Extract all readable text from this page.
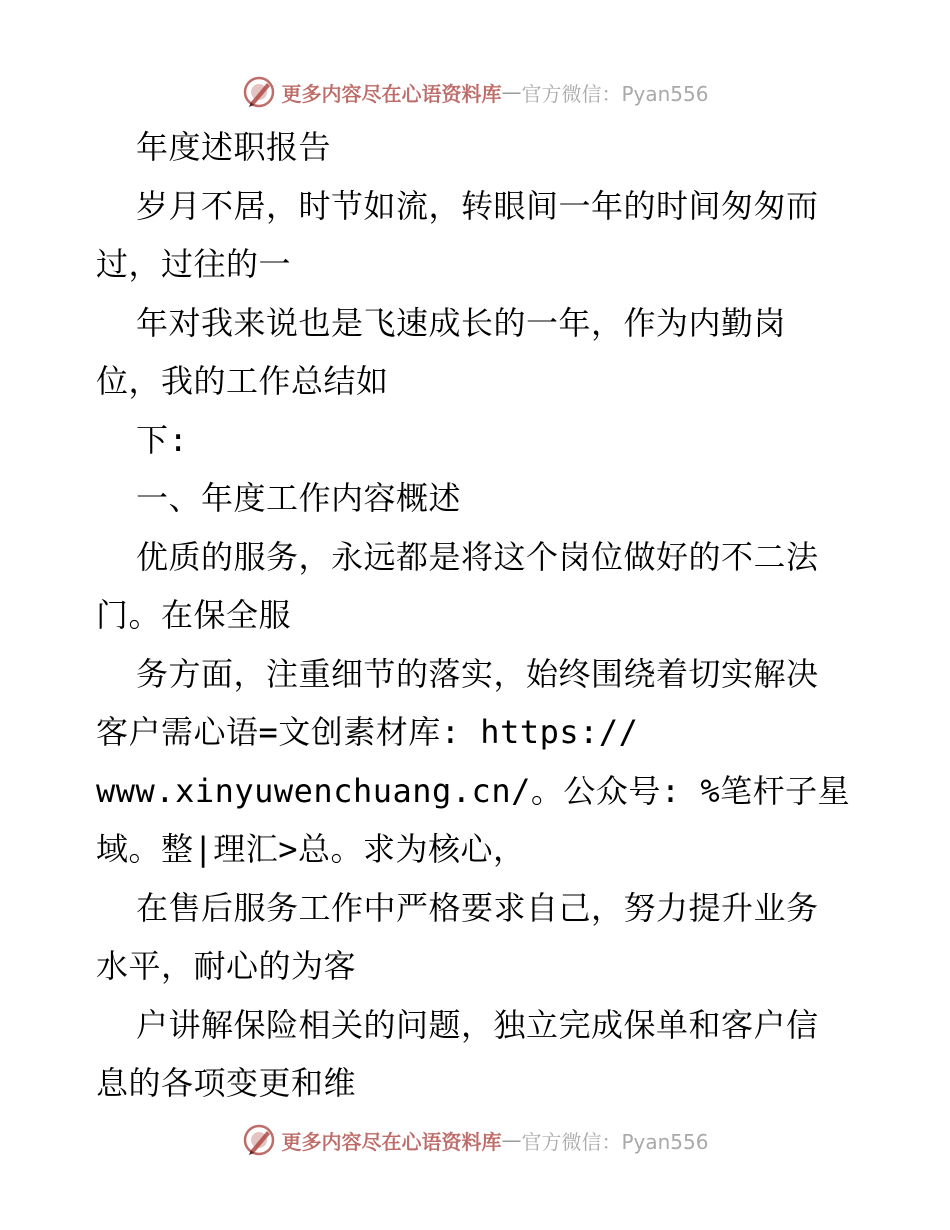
更多内容尽在心语资料库 — 官方微信：Pyan556
年度述职报告
岁月不居，时节如流，转眼间一年的时间匆匆而
过，过往的一
年对我来说也是飞速成长的一年，作为内勤岗
位，我的工作总结如
下:
一、年度工作内容概述
优质的服务，永远都是将这个岗位做好的不二法
门。在保全服
务方面，注重细节的落实，始终围绕着切实解决
客户需心语=文创素材库: https://
www.xinyuwenchuang.cn/。公众号: %笔杆子星
域。整|理汇>总。求为核心，
在售后服务工作中严格要求自己，努力提升业务
水平，耐心的为客
户讲解保险相关的问题，独立完成保单和客户信
息的各项变更和维
更多内容尽在心语资料库 — 官方微信：Pyan556
